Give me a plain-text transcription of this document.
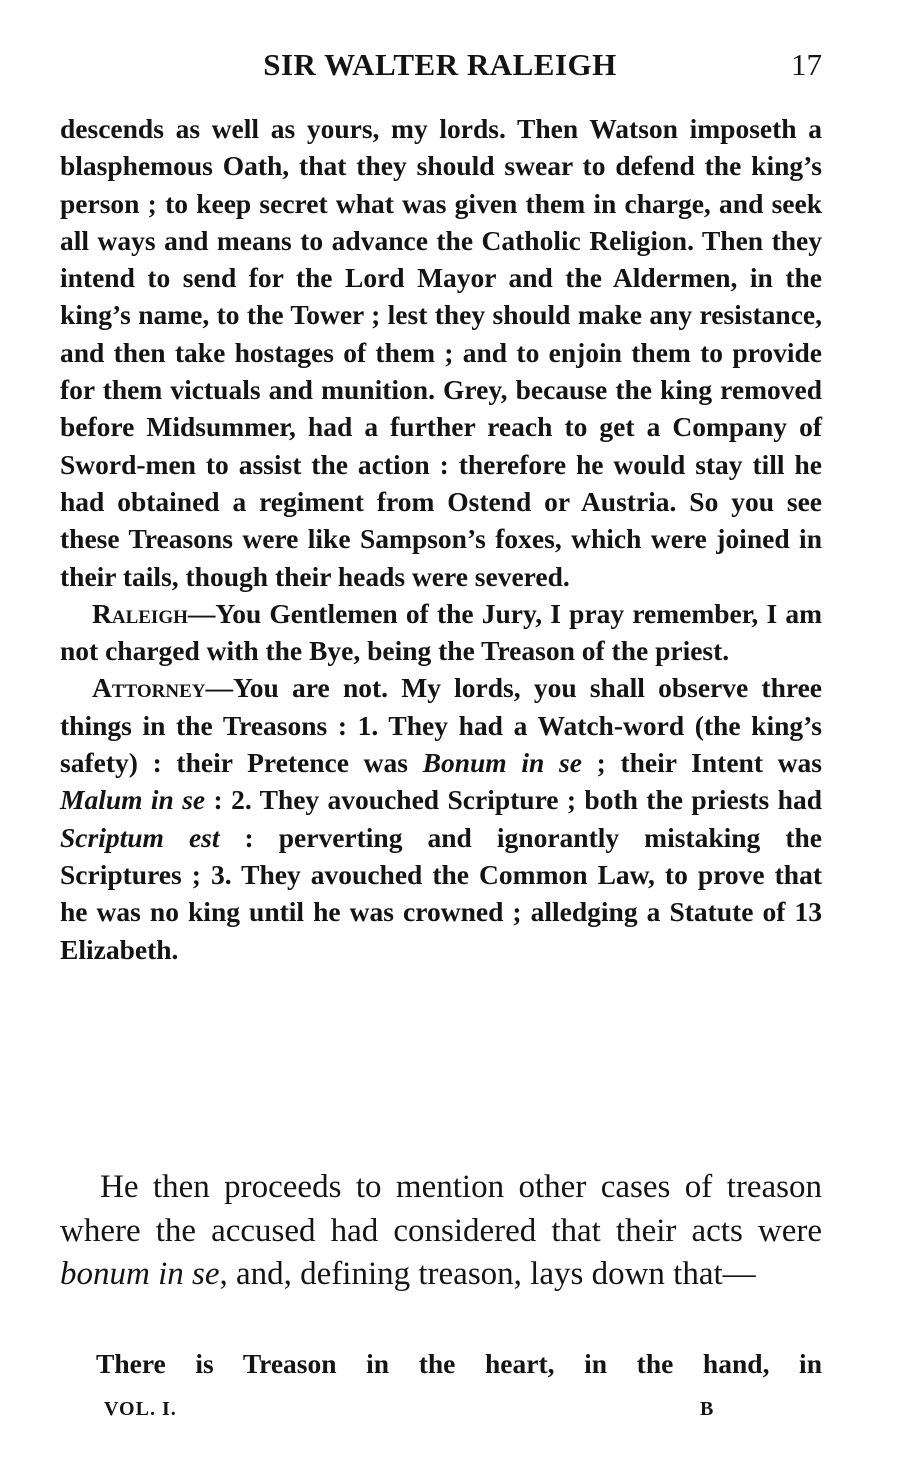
SIR WALTER RALEIGH	17

descends as well as yours, my lords. Then Watson imposeth a blasphemous Oath, that they should swear to defend the king’s person ; to keep secret what was given them in charge, and seek all ways and means to advance the Catholic Religion. Then they intend to send for the Lord Mayor and the Aldermen, in the king’s name, to the Tower ; lest they should make any resistance, and then take hostages of them ; and to enjoin them to provide for them victuals and munition. Grey, because the king removed before Midsummer, had a further reach to get a Company of Sword-men to assist the action : therefore he would stay till he had obtained a regiment from Ostend or Austria. So you see these Treasons were like Sampson’s foxes, which were joined in their tails, though their heads were severed.

Raleigh—You Gentlemen of the Jury, I pray remember, I am not charged with the Bye, being the Treason of the priest.

Attorney—You are not. My lords, you shall observe three things in the Treasons : 1. They had a Watch-word (the king’s safety) : their Pretence was Bonum in se ; their Intent was Malum in se : 2. They avouched Scripture ; both the priests had Scriptum est : perverting and ignorantly mistaking the Scriptures ; 3. They avouched the Common Law, to prove that he was no king until he was crowned ; alledging a Statute of 13 Elizabeth.

He then proceeds to mention other cases of treason where the accused had considered that their acts were bonum in se, and, defining treason, lays down that—

There is Treason in the heart, in the hand, in
VOL. I.	B
